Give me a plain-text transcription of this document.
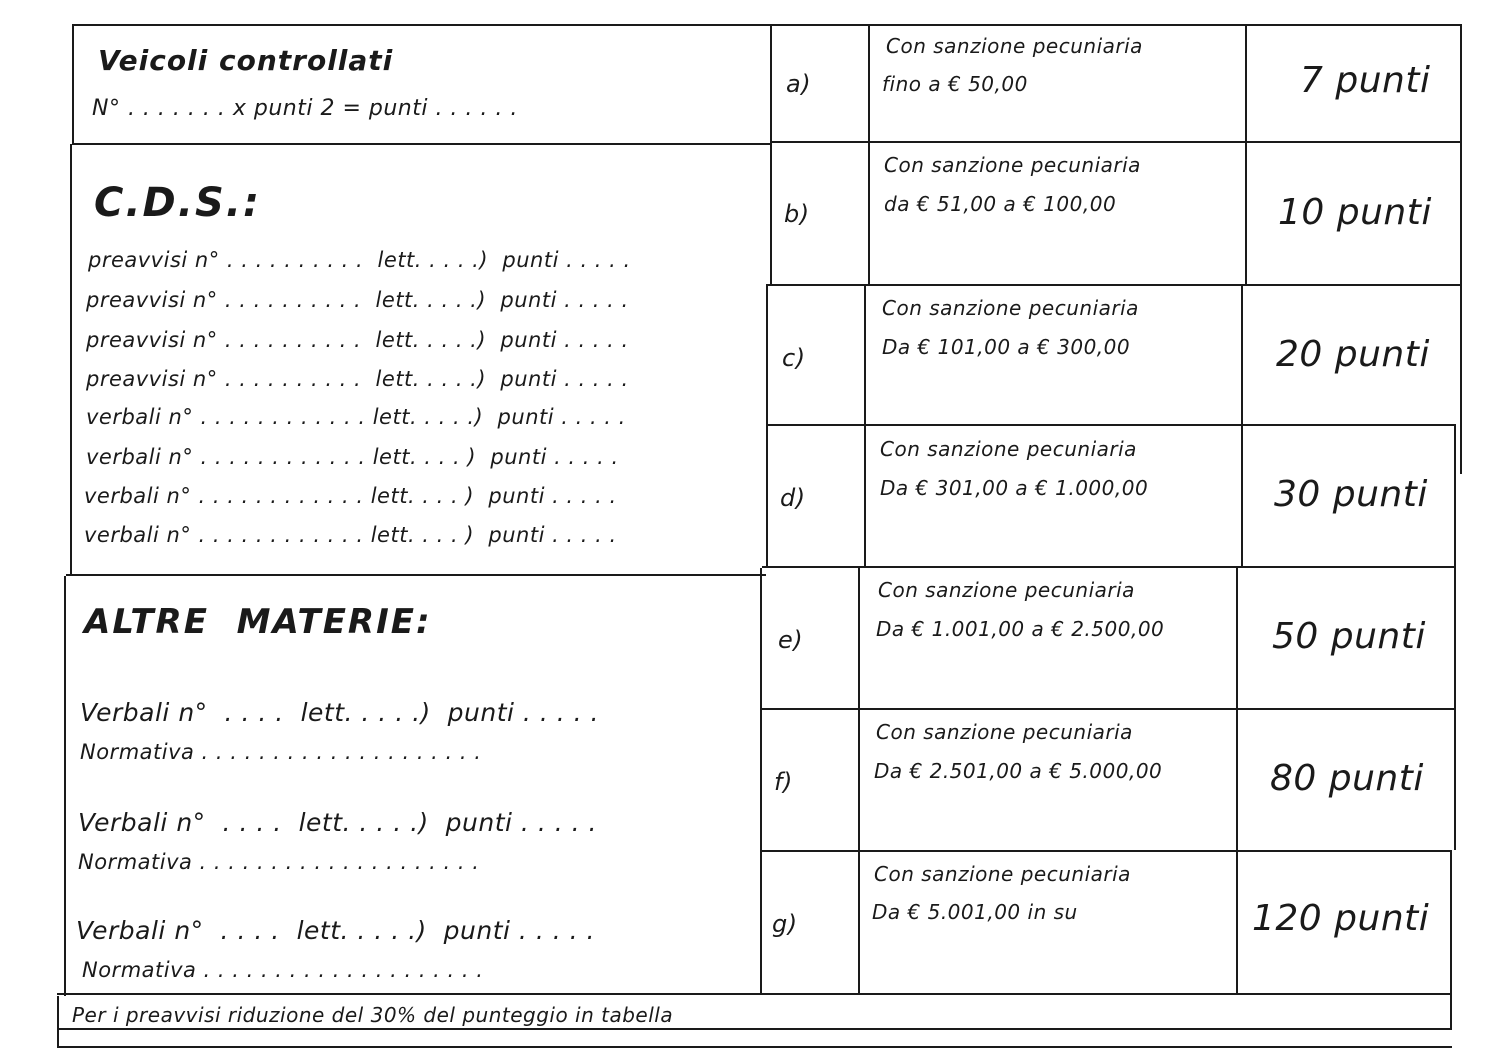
Veicoli controllati
N° . . . . . . . x punti 2 = punti . . . . . .
C.D.S.:
preavvisi n° . . . . . . . . . .  lett. . . . .)  punti . . . . .
preavvisi n° . . . . . . . . . .  lett. . . . .)  punti . . . . .
preavvisi n° . . . . . . . . . .  lett. . . . .)  punti . . . . .
preavvisi n° . . . . . . . . . .  lett. . . . .)  punti . . . . .
verbali n° . . . . . . . . . . . . lett. . . . .)  punti . . . . .
verbali n° . . . . . . . . . . . . lett. . . . )  punti . . . . .
verbali n° . . . . . . . . . . . . lett. . . . )  punti . . . . .
verbali n° . . . . . . . . . . . . lett. . . . )  punti . . . . .
ALTRE  MATERIE:
Verbali n°  . . . .  lett. . . . .)  punti . . . . .
Normativa . . . . . . . . . . . . . . . . . . . .
Verbali n°  . . . .  lett. . . . .)  punti . . . . .
Normativa . . . . . . . . . . . . . . . . . . . .
Verbali n°  . . . .  lett. . . . .)  punti . . . . .
Normativa . . . . . . . . . . . . . . . . . . . .
a)
Con sanzione pecuniaria
fino a € 50,00	7 punti
b)
Con sanzione pecuniaria
da € 51,00 a € 100,00	10 punti
c)
Con sanzione pecuniaria
Da € 101,00 a € 300,00	20 punti
d)
Con sanzione pecuniaria
Da € 301,00 a € 1.000,00	30 punti
e)
Con sanzione pecuniaria
Da € 1.001,00 a € 2.500,00	50 punti
f)
Con sanzione pecuniaria
Da € 2.501,00 a € 5.000,00	80 punti
g)
Con sanzione pecuniaria
Da € 5.001,00 in su	120 punti
Per i preavvisi riduzione del 30% del punteggio in tabella
